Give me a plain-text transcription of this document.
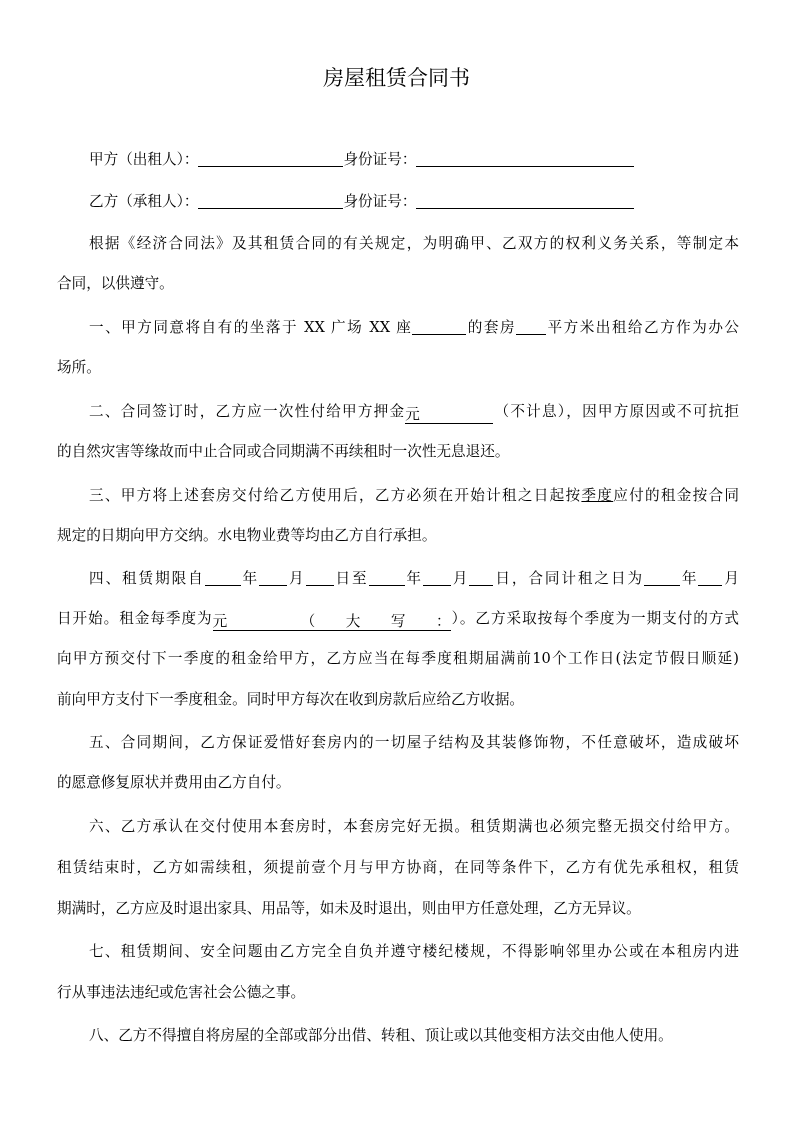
房屋租赁合同书
甲方（出租人）：	身份证号：
乙方（承租人）：	身份证号：
根据《经济合同法》及其租赁合同的有关规定，为明确甲、乙双方的权利义务关系，等制定本
合同，以供遵守。
一、甲方同意将自有的坐落于 XX 广场 XX 座	的套房 平方米出租给乙方作为办公
场所。
二、合同签订时，乙方应一次性付给甲方押金元	（不计息），因甲方原因或不可抗拒
的自然灾害等缘故而中止合同或合同期满不再续租时一次性无息退还。
三、甲方将上述套房交付给乙方使用后，乙方必须在开始计租之日起按季度应付的租金按合同
规定的日期向甲方交纳。水电物业费等均由乙方自行承担。
四、租赁期限自 年 月 日至 年 月 日，合同计租之日为 年 月
日开始。租金每季度为元	（大写：）。乙方采取按每个季度为一期支付的方式
向甲方预交付下一季度的租金给甲方，乙方应当在每季度租期届满前10个工作日(法定节假日顺延)
前向甲方支付下一季度租金。同时甲方每次在收到房款后应给乙方收据。
五、合同期间，乙方保证爱惜好套房内的一切屋子结构及其装修饰物，不任意破坏，造成破坏
的愿意修复原状并费用由乙方自付。
六、乙方承认在交付使用本套房时，本套房完好无损。租赁期满也必须完整无损交付给甲方。
租赁结束时，乙方如需续租，须提前壹个月与甲方协商，在同等条件下，乙方有优先承租权，租赁
期满时，乙方应及时退出家具、用品等，如未及时退出，则由甲方任意处理，乙方无异议。
七、租赁期间、安全问题由乙方完全自负并遵守楼纪楼规，不得影响邻里办公或在本租房内进
行从事违法违纪或危害社会公德之事。
八、乙方不得擅自将房屋的全部或部分出借、转租、顶让或以其他变相方法交由他人使用。
